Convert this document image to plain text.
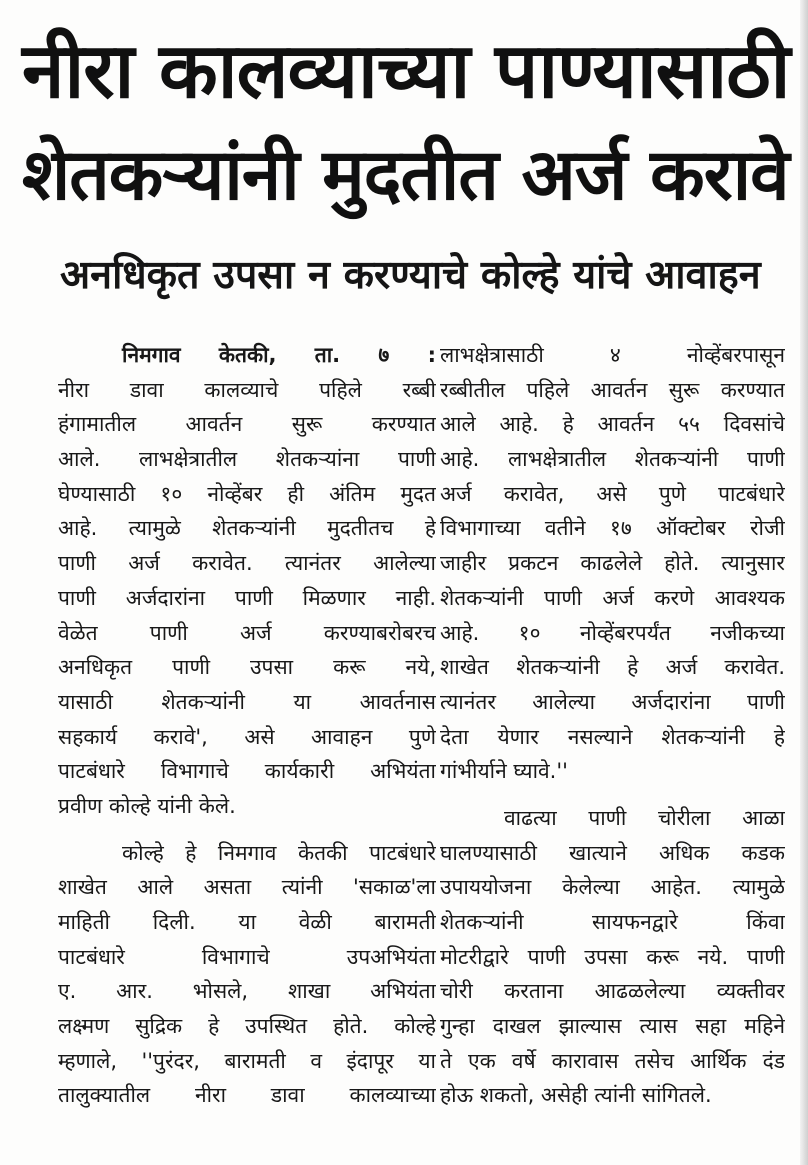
नीरा कालव्याच्या पाण्यासाठी
शेतकऱ्यांनी मुदतीत अर्ज करावे
अनधिकृत उपसा न करण्याचे कोल्हे यांचे आवाहन
निमगाव केतकी, ता. ७ :
नीरा डावा कालव्याचे पहिले रब्बी
हंगामातील आवर्तन सुरू करण्यात
आले. लाभक्षेत्रातील शेतकऱ्यांना पाणी
घेण्यासाठी १० नोव्हेंबर ही अंतिम मुदत
आहे. त्यामुळे शेतकऱ्यांनी मुदतीतच हे
पाणी अर्ज करावेत. त्यानंतर आलेल्या
पाणी अर्जदारांना पाणी मिळणार नाही.
वेळेत पाणी अर्ज करण्याबरोबरच
अनधिकृत पाणी उपसा करू नये,
यासाठी शेतकऱ्यांनी या आवर्तनास
सहकार्य करावे', असे आवाहन पुणे
पाटबंधारे विभागाचे कार्यकारी अभियंता
प्रवीण कोल्हे यांनी केले.
कोल्हे हे निमगाव केतकी पाटबंधारे
शाखेत आले असता त्यांनी 'सकाळ'ला
माहिती दिली. या वेळी बारामती
पाटबंधारे विभागाचे उपअभियंता
ए. आर. भोसले, शाखा अभियंता
लक्ष्मण सुद्रिक हे उपस्थित होते. कोल्हे
म्हणाले, ''पुरंदर, बारामती व इंदापूर या
तालुक्यातील नीरा डावा कालव्याच्या
लाभक्षेत्रासाठी ४ नोव्हेंबरपासून
रब्बीतील पहिले आवर्तन सुरू करण्यात
आले आहे. हे आवर्तन ५५ दिवसांचे
आहे. लाभक्षेत्रातील शेतकऱ्यांनी पाणी
अर्ज करावेत, असे पुणे पाटबंधारे
विभागाच्या वतीने १७ ऑक्टोबर रोजी
जाहीर प्रकटन काढलेले होते. त्यानुसार
शेतकऱ्यांनी पाणी अर्ज करणे आवश्यक
आहे. १० नोव्हेंबरपर्यंत नजीकच्या
शाखेत शेतकऱ्यांनी हे अर्ज करावेत.
त्यानंतर आलेल्या अर्जदारांना पाणी
देता येणार नसल्याने शेतकऱ्यांनी हे
गांभीर्याने घ्यावे.''
वाढत्या पाणी चोरीला आळा
घालण्यासाठी खात्याने अधिक कडक
उपाययोजना केलेल्या आहेत. त्यामुळे
शेतकऱ्यांनी सायफनद्वारे किंवा
मोटरीद्वारे पाणी उपसा करू नये. पाणी
चोरी करताना आढळलेल्या व्यक्तीवर
गुन्हा दाखल झाल्यास त्यास सहा महिने
ते एक वर्षे कारावास तसेच आर्थिक दंड
होऊ शकतो, असेही त्यांनी सांगितले.
